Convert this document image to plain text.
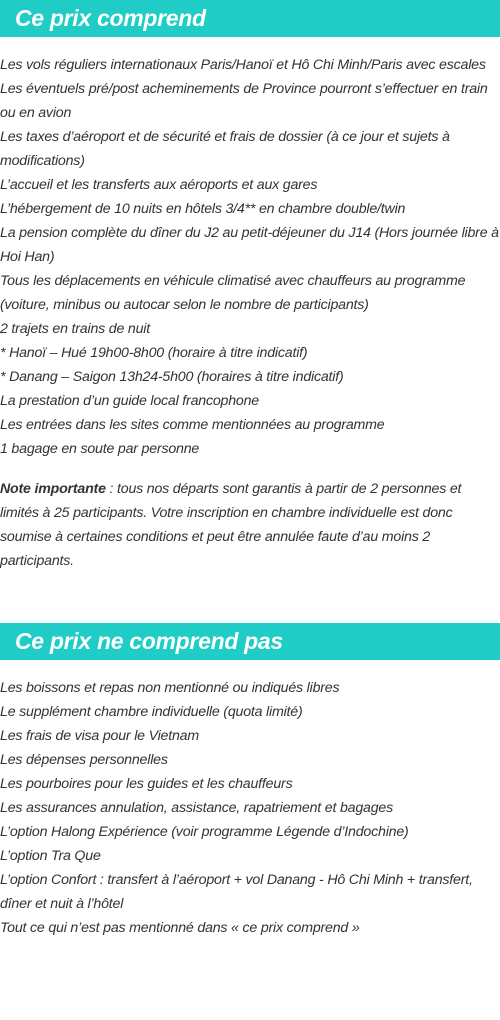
Ce prix comprend
Les vols réguliers internationaux Paris/Hanoï et Hô Chi Minh/Paris avec escales
Les éventuels pré/post acheminements de Province pourront s’effectuer en train ou en avion
Les taxes d’aéroport et de sécurité et frais de dossier (à ce jour et sujets à modifications)
L’accueil et les transferts aux aéroports et aux gares
L’hébergement de 10 nuits en hôtels 3/4** en chambre double/twin
La pension complète du dîner du J2 au petit-déjeuner du J14 (Hors journée libre à Hoi Han)
Tous les déplacements en véhicule climatisé avec chauffeurs au programme (voiture, minibus ou autocar selon le nombre de participants)
2 trajets en trains de nuit
* Hanoï – Hué 19h00-8h00 (horaire à titre indicatif)
* Danang – Saigon 13h24-5h00 (horaires à titre indicatif)
La prestation d’un guide local francophone
Les entrées dans les sites comme mentionnées au programme
1 bagage en soute par personne

Note importante : tous nos départs sont garantis à partir de 2 personnes et limités à 25 participants. Votre inscription en chambre individuelle est donc soumise à certaines conditions et peut être annulée faute d’au moins 2 participants.

Ce prix ne comprend pas
Les boissons et repas non mentionné ou indiqués libres
Le supplément chambre individuelle (quota limité)
Les frais de visa pour le Vietnam
Les dépenses personnelles
Les pourboires pour les guides et les chauffeurs
Les assurances annulation, assistance, rapatriement et bagages
L’option Halong Expérience (voir programme Légende d’Indochine)
L’option Tra Que
L’option Confort : transfert à l’aéroport + vol Danang - Hô Chi Minh + transfert, dîner et nuit à l’hôtel
Tout ce qui n’est pas mentionné dans « ce prix comprend »
